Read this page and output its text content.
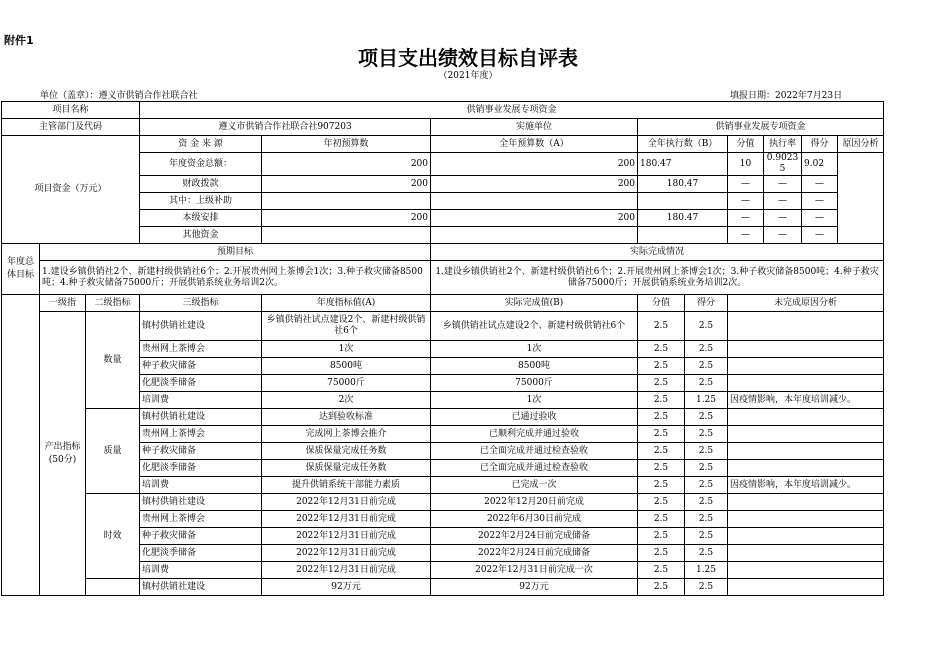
附件1
项目支出绩效目标自评表
（2021年度）
单位（盖章）：遵义市供销合作社联合社	填报日期：2022年7月23日
项目名称			供销事业发展专项资金								
主管部门及代码			遵义市供销合作社联合社907203		实施单位	供销事业发展专项资金					
项目资金（万元）			资 金 来 源	年初预算数	全年预算数（A）	全年执行数（B）		分值	执行率	得分	原因分析
			年度资金总额：	200	200	180.47		10	0.90235	9.02	
			财政拨款	200	200	180.47		—	—	—	
			其中：上级补助					—	—	—	
			本级安排	200	200	180.47		—	—	—	
			其他资金					—	—	—	
年度总体目标	预期目标				实际完成情况						
	1.建设乡镇供销社2个、新建村级供销社6个；2.开展贵州网上茶博会1次；3.种子救灾储备8500吨；4.种子救灾储备75000斤；开展供销系统业务培训2次。				1.建设乡镇供销社2个、新建村级供销社6个；2.开展贵州网上茶博会1次；3.种子救灾储备8500吨；4.种子救灾储备75000斤；开展供销系统业务培训2次。						
	一级指	二级指标	三级指标	年度指标值(A)	实际完成值(B)	分值	得分	未完成原因分析			
	产出指标(50分)	数量	镇村供销社建设	乡镇供销社试点建设2个、新建村级供销社6个	乡镇供销社试点建设2个、新建村级供销社6个	2.5	2.5				
			贵州网上茶博会	1次	1次	2.5	2.5				
			种子救灾储备	8500吨	8500吨	2.5	2.5				
			化肥淡季储备	75000斤	75000斤	2.5	2.5				
			培训费	2次	1次	2.5	1.25	因疫情影响，本年度培训减少。			
		质量	镇村供销社建设	达到验收标准	已通过验收	2.5	2.5				
			贵州网上茶博会	完成网上茶博会推介	已顺利完成并通过验收	2.5	2.5				
			种子救灾储备	保质保量完成任务数	已全面完成并通过检查验收	2.5	2.5				
			化肥淡季储备	保质保量完成任务数	已全面完成并通过检查验收	2.5	2.5				
			培训费	提升供销系统干部能力素质	已完成一次	2.5	2.5	因疫情影响，本年度培训减少。			
		时效	镇村供销社建设	2022年12月31日前完成	2022年12月20日前完成	2.5	2.5				
			贵州网上茶博会	2022年12月31日前完成	2022年6月30日前完成	2.5	2.5				
			种子救灾储备	2022年12月31日前完成	2022年2月24日前完成储备	2.5	2.5				
			化肥淡季储备	2022年12月31日前完成	2022年2月24日前完成储备	2.5	2.5				
			培训费	2022年12月31日前完成	2022年12月31日前完成一次	2.5	1.25				
			镇村供销社建设	92万元	92万元	2.5	2.5				
